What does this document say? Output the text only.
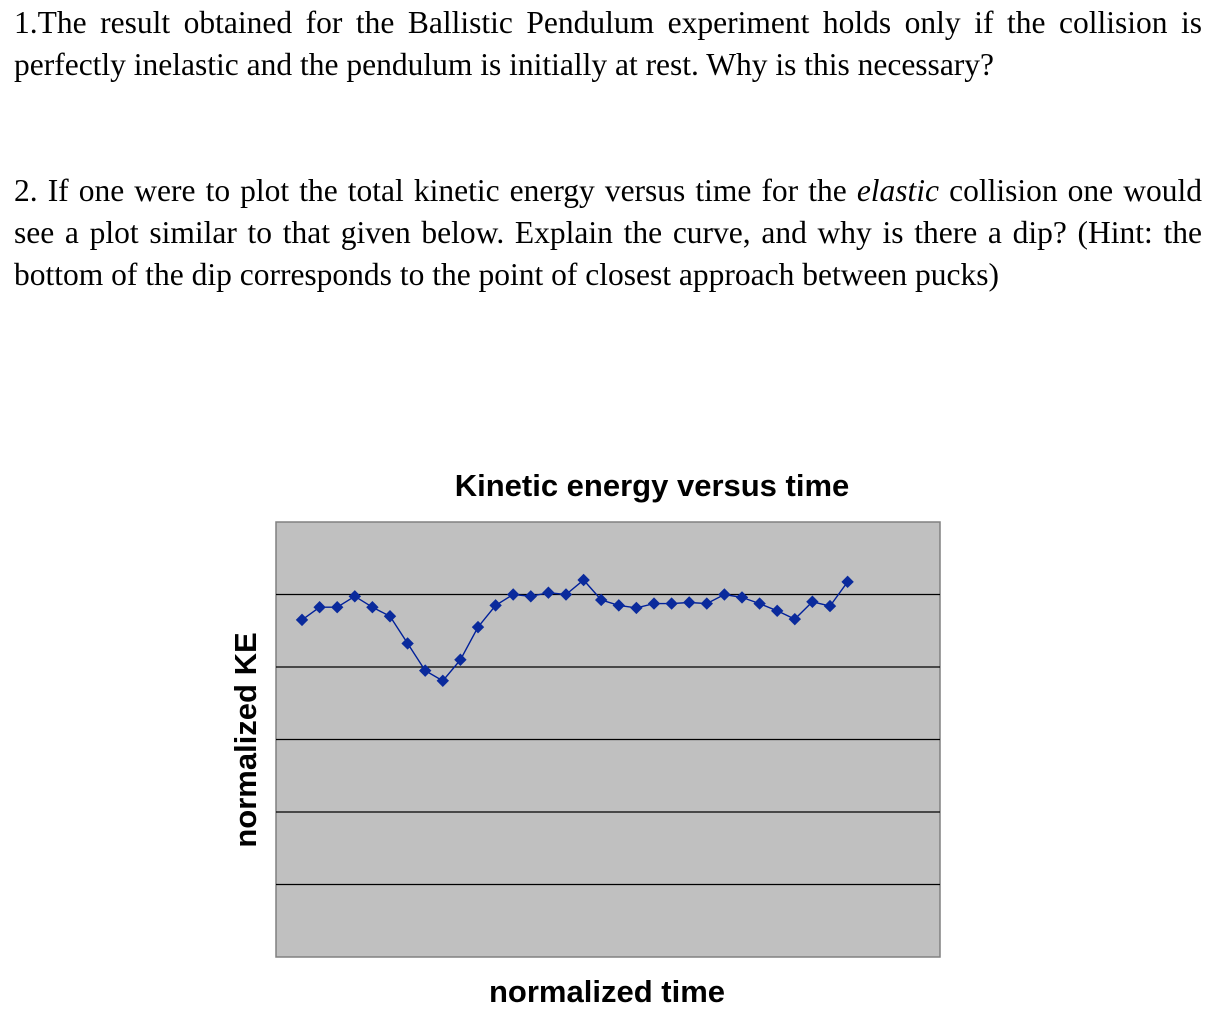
1.The result obtained for the Ballistic Pendulum experiment holds only if the collision is perfectly inelastic and the pendulum is initially at rest. Why is this necessary?

2. If one were to plot the total kinetic energy versus time for the elastic collision one would see a plot similar to that given below. Explain the curve, and why is there a dip? (Hint: the bottom of the dip corresponds to the point of closest approach between pucks)

Kinetic energy versus time
normalized time
normalized KE
